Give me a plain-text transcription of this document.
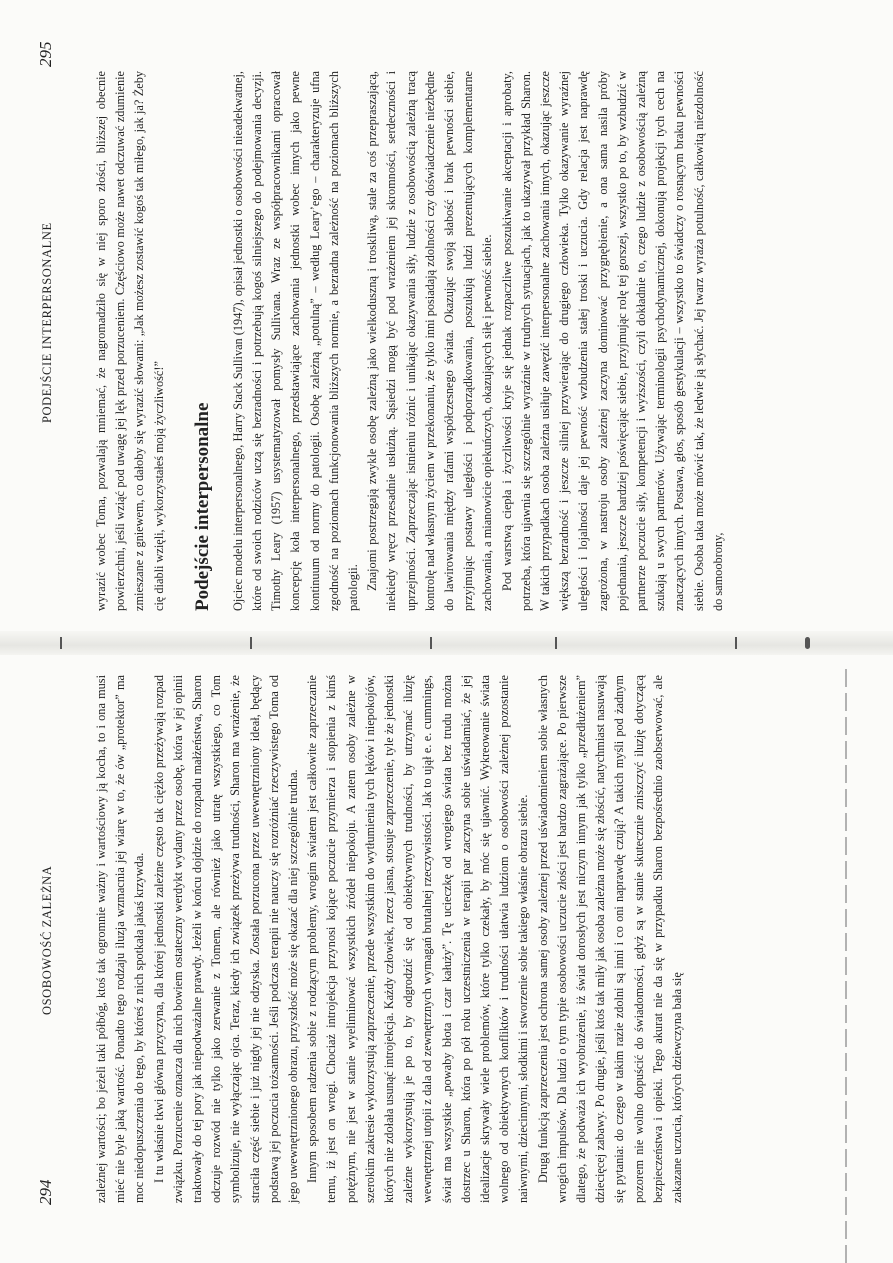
294
OSOBOWOŚĆ ZALEŻNA	zależnej wartości; bo jeżeli taki półbóg, ktoś tak ogromnie ważny i wartościowy ją kocha, to i ona musi mieć nie byle jaką wartość. Ponadto tego rodzaju iluzja wzmacnia jej wiarę w to, że ów „protektor” ma moc niedopuszczenia do tego, by któreś z nich spotkała jakaś krzywda. I tu właśnie tkwi główna przyczyna, dla której jednostki zależne często tak ciężko przeżywają rozpad związku. Porzucenie oznacza dla nich bowiem ostateczny werdykt wydany przez osobę, która w jej opinii traktowały do tej pory jak niepodważalne prawdy. Jeżeli w końcu dojdzie do rozpadu małżeństwa, Sharon odczuje rozwód nie tylko jako zerwanie z Tomem, ale również jako utratę wszystkiego, co Tom symbolizuje, nie wyłączając ojca. Teraz, kiedy ich związek przeżywa trudności, Sharon ma wrażenie, że straciła część siebie i już nigdy jej nie odzyska. Została porzucona przez uwewnętrzniony ideał, będący podstawą jej poczucia tożsamości. Jeśli podczas terapii nie nauczy się rozróżniać rzeczywistego Toma od jego uwewnętrznionego obrazu, przyszłość może się okazać dla niej szczególnie trudna. Innym sposobem radzenia sobie z rodzącym problemy, wrogim światem jest całkowite zaprzeczanie temu, iż jest on wrogi. Chociaż introjekcja przynosi kojące poczucie przymierza i stopienia z kimś potężnym, nie jest w stanie wyeliminować wszystkich źródeł niepokoju. A zatem osoby zależne w szerokim zakresie wykorzystują zaprzeczenie, przede wszystkim do wytłumienia tych lęków i niepokojów, których nie zdołała usunąć introjekcja. Każdy człowiek, rzecz jasna, stosuje zaprzeczenie, tyle że jednostki zależne wykorzystują je po to, by odgrodzić się od obiektywnych trudności, by utrzymać iluzję wewnętrznej utopii z dala od zewnętrznych wymagań brutalnej rzeczywistości. Jak to ujął e. e. cummings, świat ma wszystkie „powaby błota i czar kałuży”. Tę ucieczkę od wrogiego świata bez trudu można dostrzec u Sharon, która po pół roku uczestniczenia w terapii par zaczyna sobie uświadamiać, że jej idealizacje skrywały wiele problemów, które tylko czekały, by móc się ujawnić. Wykreowanie świata wolnego od obiektywnych konfliktów i trudności ułatwia ludziom o osobowości zależnej pozostanie naiwnymi, dziecinnymi, słodkimi i stworzenie sobie takiego właśnie obrazu siebie. Drugą funkcją zaprzeczenia jest ochrona samej osoby zależnej przed uświadomieniem sobie własnych wrogich impulsów. Dla ludzi o tym typie osobowości uczucie złości jest bardzo zagrażające. Po pierwsze dlatego, że podważa ich wyobrażenie, iż świat dorosłych jest niczym innym jak tylko „przedłużeniem” dziecięcej zabawy. Po drugie, jeśli ktoś tak miły jak osoba zależna może się złościć, natychmiast nasuwają się pytania: do czego w takim razie zdolni są inni i co oni naprawdę czują? A takich myśli pod żadnym pozorem nie wolno dopuścić do świadomości, gdyż są w stanie skutecznie zniszczyć iluzję dotyczącą bezpieczeństwa i opieki. Tego akurat nie da się w przypadku Sharon bezpośrednio zaobserwować, ale zakazane uczucia, których dziewczyna bała się

PODEJŚCIE INTERPERSONALNE
295

wyrazić wobec Toma, pozwalają mniemać, że nagromadziło się w niej sporo złości, bliższej obecnie powierzchni, jeśli wziąć pod uwagę jej lęk przed porzuceniem. Częściowo może nawet odczuwać zdumienie zmieszane z gniewem, co dałoby się wyrazić słowami: „Jak możesz zostawić kogoś tak miłego, jak ja? Żeby cię diabli wzięli, wykorzystałeś moją życzliwość!” Podejście interpersonalne Ojciec modelu interpersonalnego, Harry Stack Sullivan (1947), opisał jednostki o osobowości nieadekwatnej, które od swoich rodziców uczą się bezradności i potrzebują kogoś silniejszego do podejmowania decyzji. Timothy Leary (1957) usystematyzował pomysły Sullivana. Wraz ze współpracownikami opracował koncepcję koła interpersonalnego, przedstawiające zachowania jednostki wobec innych jako pewne kontinuum od normy do patologii. Osobę zależną „potulną” – według Leary’ego – charakteryzuje ufna zgodność na poziomach funkcjonowania bliższych normie, a bezradna zależność na poziomach bliższych patologii. Znajomi postrzegają zwykle osobę zależną jako wielkoduszną i troskliwą, stale za coś przepraszającą, niekiedy wręcz przesadnie usłużną. Sąsiedzi mogą być pod wrażeniem jej skromności, serdeczności i uprzejmości. Zaprzeczając istnieniu różnic i unikając okazywania siły, ludzie z osobowością zależną tracą kontrolę nad własnym życiem w przekonaniu, że tylko inni posiadają zdolności czy doświadczenie niezbędne do lawirowania między rafami współczesnego świata. Okazując swoją słabość i brak pewności siebie, przyjmując postawy uległości i podporządkowania, poszukują ludzi prezentujących komplementarne zachowania, a mianowicie opiekuńczych, okazujących siłę i pewność siebie. Pod warstwą ciepła i życzliwości kryje się jednak rozpaczliwe poszukiwanie akceptacji i aprobaty, potrzeba, która ujawnia się szczególnie wyraźnie w trudnych sytuacjach, jak to ukazywał przykład Sharon. W takich przypadkach osoba zależna usiłuje zawęzić interpersonalne zachowania innych, okazując jeszcze większą bezradność i jeszcze silniej przywierając do drugiego człowieka. Tylko okazywanie wyraźnej uległości i lojalności daje jej pewność wzbudzenia stałej troski i uczucia. Gdy relacja jest naprawdę zagrożona, w nastroju osoby zależnej zaczyna dominować przygnębienie, a ona sama nasila próby pojednania, jeszcze bardziej poświęcając siebie, przyjmując rolę tej gorszej, wszystko po to, by wzbudzić w partnerze poczucie siły, kompetencji i wyższości, czyli dokładnie to, czego ludzie z osobowością zależną szukają u swych partnerów. Używając terminologii psychodynamicznej, dokonują projekcji tych cech na znaczących innych. Postawa, głos, sposób gestykulacji – wszystko to świadczy o rosnącym braku pewności siebie. Osoba taka może mówić tak, że ledwie ją słychać. Jej twarz wyraża potulność, całkowitą niezdolność do samoobrony,
